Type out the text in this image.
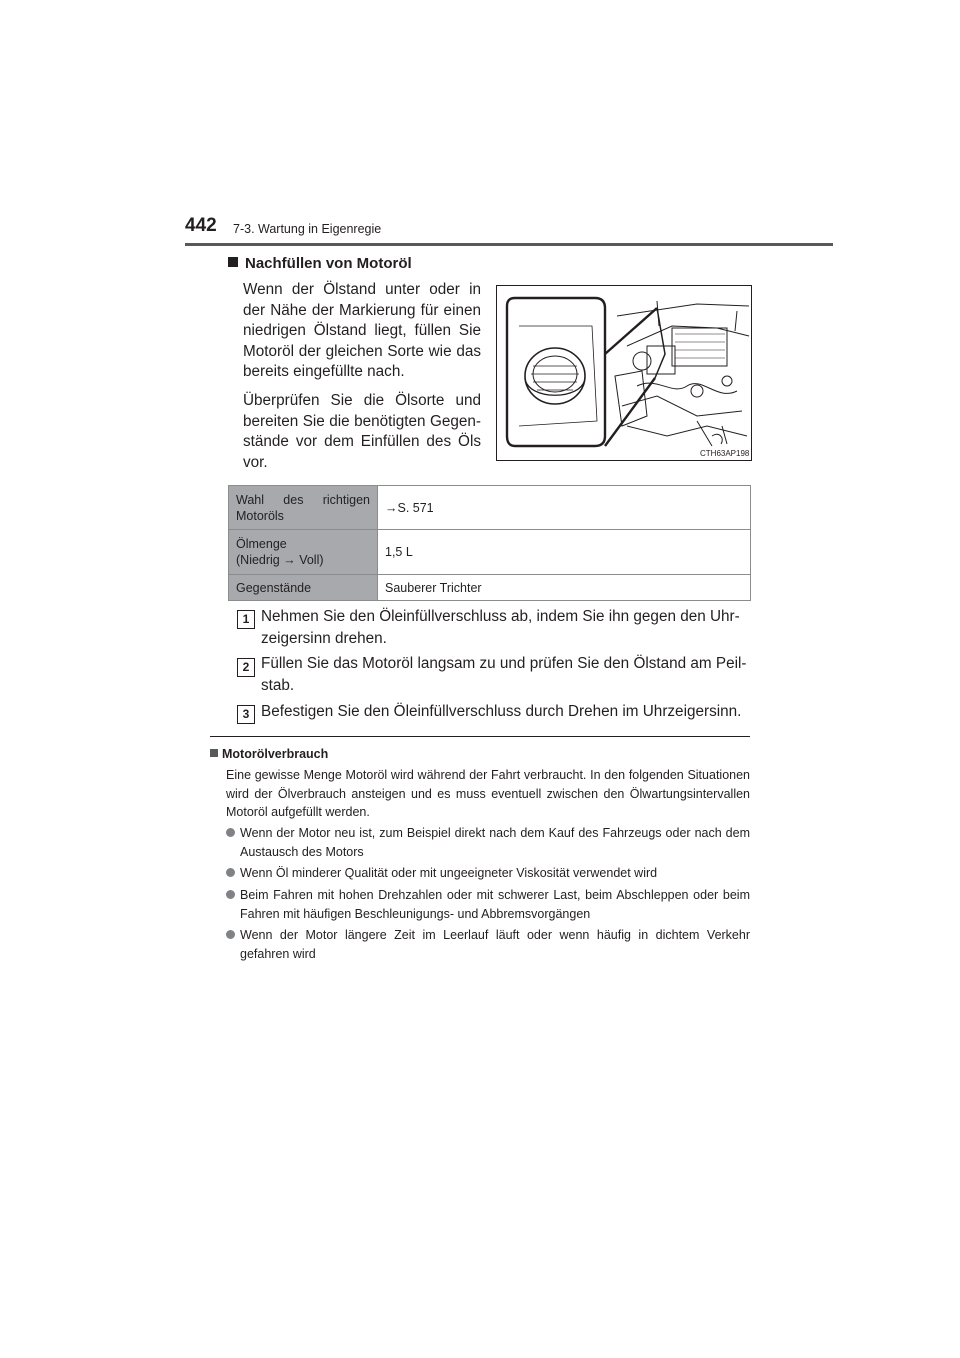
442 7-3. Wartung in Eigenregie
Nachfüllen von Motoröl

Wenn der Ölstand unter oder in der Nähe der Markierung für einen niedrigen Ölstand liegt, füllen Sie Motoröl der gleichen Sorte wie das bereits eingefüllte nach.

Überprüfen Sie die Ölsorte und bereiten Sie die benötigten Gegen-stände vor dem Einfüllen des Öls vor.

CTH63AP198
Wahl des richtigen Motoröls	→S. 571

Ölmenge
(Niedrig → Voll)	1,5 L
Gegenstände	Sauberer Trichter
1 Nehmen Sie den Öleinfüllverschluss ab, indem Sie ihn gegen den Uhr-zeigersinn drehen.
2 Füllen Sie das Motoröl langsam zu und prüfen Sie den Ölstand am Peil-stab.
3 Befestigen Sie den Öleinfüllverschluss durch Drehen im Uhrzeigersinn.
Motorölverbrauch
Eine gewisse Menge Motoröl wird während der Fahrt verbraucht. In den folgenden Situationen wird der Ölverbrauch ansteigen und es muss eventuell zwischen den Ölwartungsintervallen Motoröl aufgefüllt werden.
Wenn der Motor neu ist, zum Beispiel direkt nach dem Kauf des Fahrzeugs oder nach dem Austausch des Motors
Wenn Öl minderer Qualität oder mit ungeeigneter Viskosität verwendet wird
Beim Fahren mit hohen Drehzahlen oder mit schwerer Last, beim Abschleppen oder beim Fahren mit häufigen Beschleunigungs- und Abbremsvorgängen
Wenn der Motor längere Zeit im Leerlauf läuft oder wenn häufig in dichtem Verkehr gefahren wird
